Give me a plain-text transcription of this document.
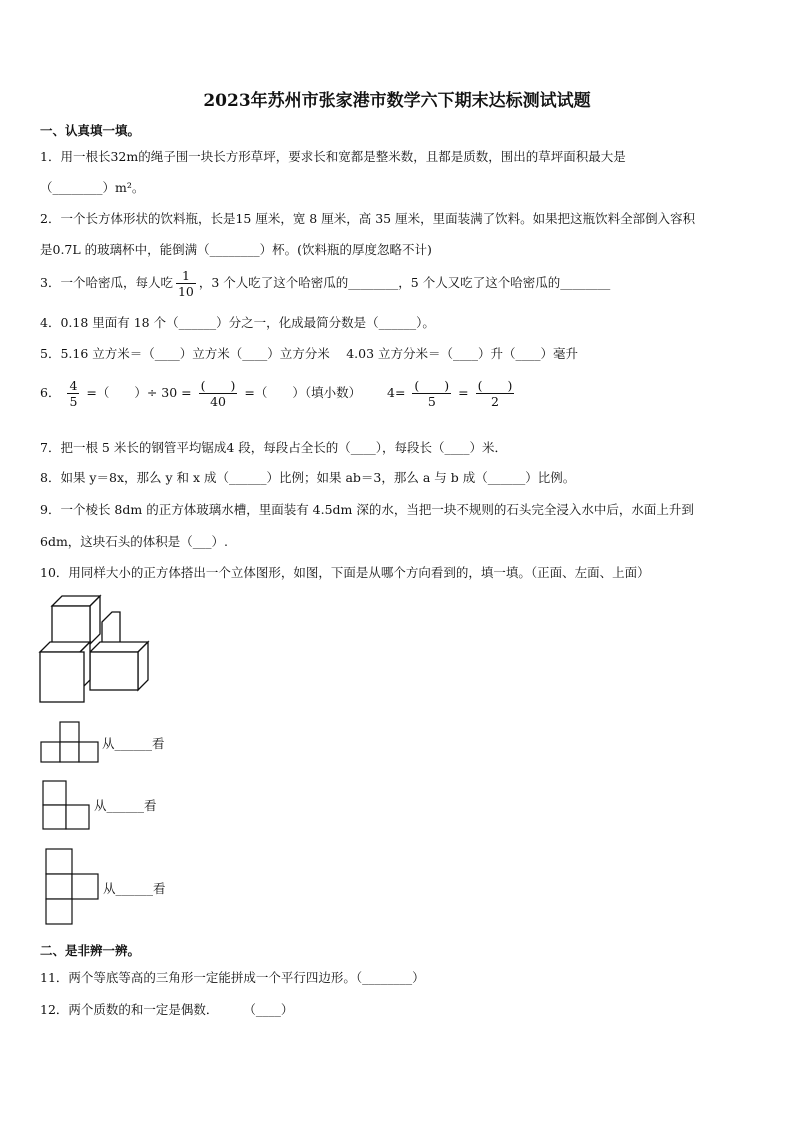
2023年苏州市张家港市数学六下期末达标测试试题
一、认真填一填。
1．用一根长32m的绳子围一块长方形草坪，要求长和宽都是整米数，且都是质数，围出的草坪面积最大是
（________）m²。
2．一个长方体形状的饮料瓶，长是15 厘米，宽 8 厘米，高 35 厘米，里面装满了饮料。如果把这瓶饮料全部倒入容积
是0.7L 的玻璃杯中，能倒满（________）杯。(饮料瓶的厚度忽略不计)
3．一个哈密瓜，每人吃 $\frac{1}{10}$ ，3 个人吃了这个哈密瓜的________，5 个人又吃了这个哈密瓜的________
4．0.18 里面有 18 个（______）分之一，化成最简分数是（______）。
5．5.16 立方米＝（____）立方米（____）立方分米 　4.03 立方分米＝（____）升（____）毫升
6． $\frac{4}{5}$ =（　　）÷ $30 = \frac{( )}{40}$ =（　　）（填小数） $4= \frac{( )}{5} = \frac{( )}{2}$
7．把一根 5 米长的钢管平均锯成4 段，每段占全长的（____），每段长（____）米．
8．如果 y＝8x，那么 y 和 x 成（______）比例；如果 ab＝3，那么 a 与 b 成（______）比例。
9．一个棱长 8dm 的正方体玻璃水槽，里面装有 4.5dm 深的水，当把一块不规则的石头完全浸入水中后，水面上升到
6dm，这块石头的体积是（___）.
10．用同样大小的正方体搭出一个立体图形，如图，下面是从哪个方向看到的，填一填。（正面、左面、上面）
从______看
从______看
从______看
二、是非辨一辨。
11．两个等底等高的三角形一定能拼成一个平行四边形。（________）
12．两个质数的和一定是偶数．　　　（____）
